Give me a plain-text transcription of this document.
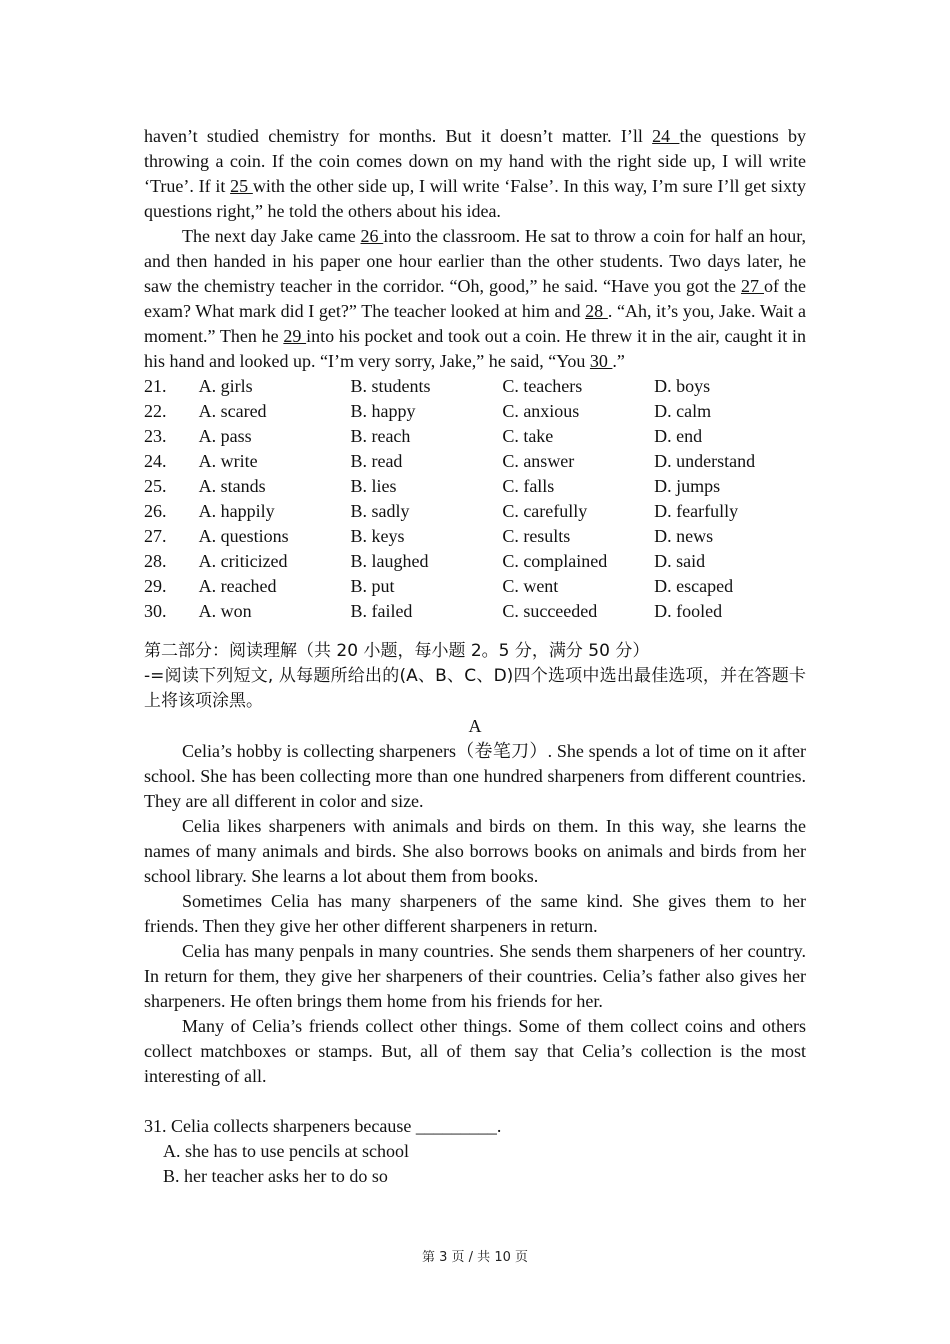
haven’t studied chemistry for months. But it doesn’t matter. I’ll 24 the questions by throwing a coin. If the coin comes down on my hand with the right side up, I will write ‘True’. If it 25 with the other side up, I will write ‘False’. In this way, I’m sure I’ll get sixty questions right,” he told the others about his idea.

The next day Jake came 26 into the classroom. He sat to throw a coin for half an hour, and then handed in his paper one hour earlier than the other students. Two days later, he saw the chemistry teacher in the corridor. “Oh, good,” he said. “Have you got the 27 of the exam? What mark did I get?” The teacher looked at him and 28 . “Ah, it’s you, Jake. Wait a moment.” Then he 29 into his pocket and took out a coin. He threw it in the air, caught it in his hand and looked up. “I’m very sorry, Jake,” he said, “You 30 .”

21.	A. girls	B. students	C. teachers	D. boys
22.	A. scared	B. happy	C. anxious	D. calm
23.	A. pass	B. reach	C. take	D. end
24.	A. write	B. read	C. answer	D. understand
25.	A. stands	B. lies	C. falls	D. jumps
26.	A. happily	B. sadly	C. carefully	D. fearfully
27.	A. questions	B. keys	C. results	D. news
28.	A. criticized	B. laughed	C. complained	D. said
29.	A. reached	B. put	C. went	D. escaped
30.	A. won	B. failed	C. succeeded	D. fooled

第二部分：阅读理解（共 20 小题，每小题 2。5 分，满分 50 分）

-=阅读下列短文, 从每题所给出的(A、B、C、D)四个选项中选出最佳选项，并在答题卡上将该项涂黑。

A

Celia’s hobby is collecting sharpeners（卷笔刀）. She spends a lot of time on it after school. She has been collecting more than one hundred sharpeners from different countries. They are all different in color and size.

Celia likes sharpeners with animals and birds on them. In this way, she learns the names of many animals and birds. She also borrows books on animals and birds from her school library. She learns a lot about them from books.

Sometimes Celia has many sharpeners of the same kind. She gives them to her friends. Then they give her other different sharpeners in return.

Celia has many penpals in many countries. She sends them sharpeners of her country. In return for them, they give her sharpeners of their countries. Celia’s father also gives her sharpeners. He often brings them home from his friends for her.

Many of Celia’s friends collect other things. Some of them collect coins and others collect matchboxes or stamps. But, all of them say that Celia’s collection is the most interesting of all.

31. Celia collects sharpeners because _________.

A. she has to use pencils at school

B. her teacher asks her to do so

第 3 页 / 共 10 页
